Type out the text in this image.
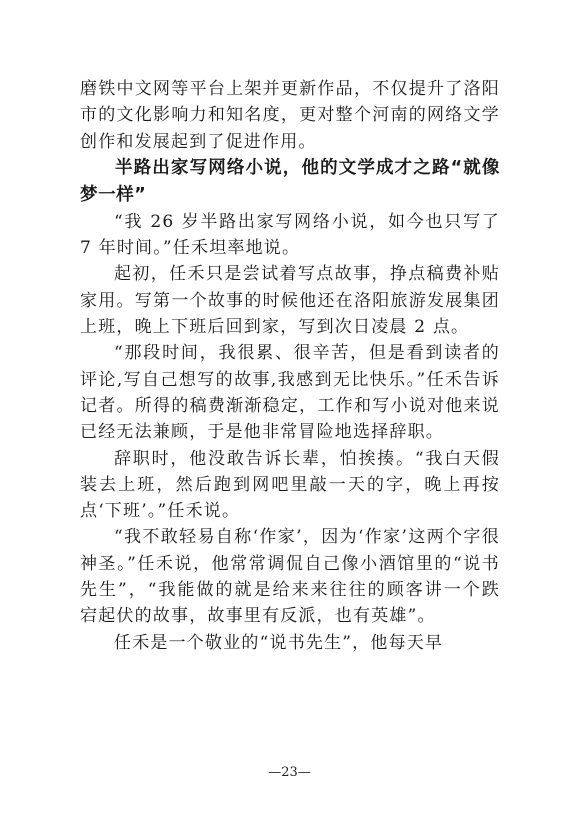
磨铁中文网等平台上架并更新作品，不仅提升了洛阳市的文化影响力和知名度，更对整个河南的网络文学创作和发展起到了促进作用。

半路出家写网络小说，他的文学成才之路“就像梦一样”

“我 26 岁半路出家写网络小说，如今也只写了 7 年时间。”任禾坦率地说。

起初，任禾只是尝试着写点故事，挣点稿费补贴家用。写第一个故事的时候他还在洛阳旅游发展集团上班，晚上下班后回到家，写到次日凌晨 2 点。

“那段时间，我很累、很辛苦，但是看到读者的评论,写自己想写的故事,我感到无比快乐。”任禾告诉记者。所得的稿费渐渐稳定，工作和写小说对他来说已经无法兼顾，于是他非常冒险地选择辞职。

辞职时，他没敢告诉长辈，怕挨揍。“我白天假装去上班，然后跑到网吧里敲一天的字，晚上再按点‘下班’。”任禾说。

“我不敢轻易自称‘作家’，因为‘作家’这两个字很神圣。”任禾说，他常常调侃自己像小酒馆里的“说书先生”，“我能做的就是给来来往往的顾客讲一个跌宕起伏的故事，故事里有反派，也有英雄”。

任禾是一个敬业的“说书先生”，他每天早

—23—
